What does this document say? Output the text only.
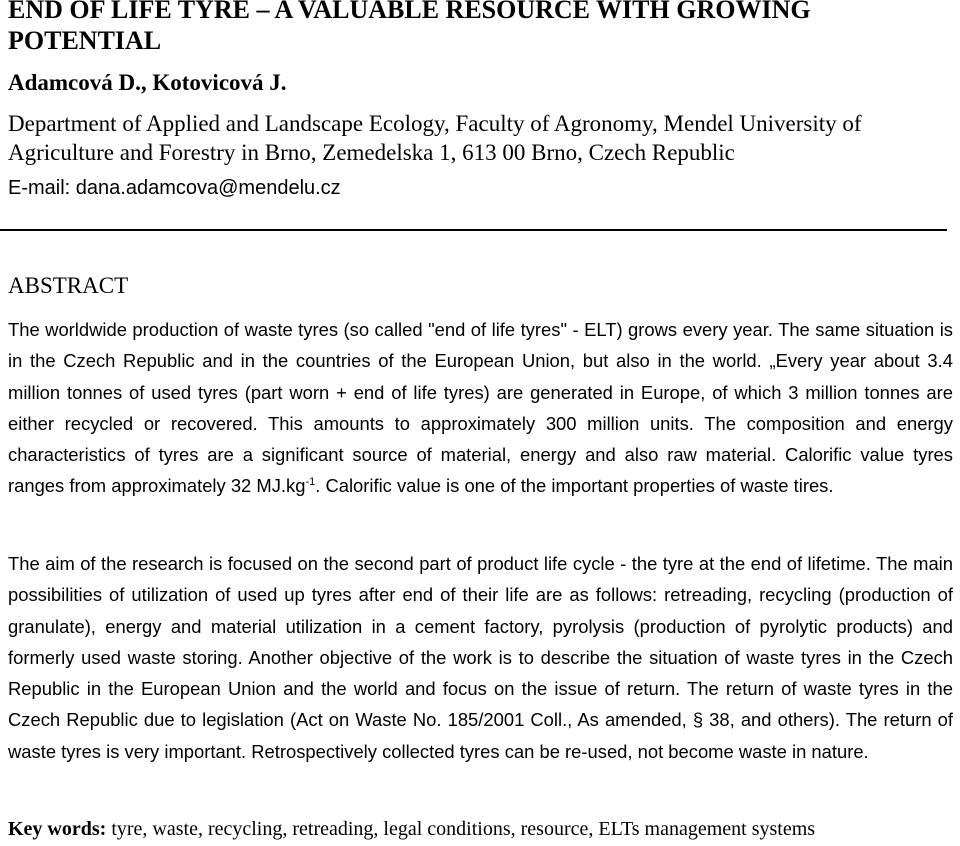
END OF LIFE TYRE – A VALUABLE RESOURCE WITH GROWING POTENTIAL

Adamcová D., Kotovicová J.

Department of Applied and Landscape Ecology, Faculty of Agronomy, Mendel University of Agriculture and Forestry in Brno, Zemedelska 1, 613 00 Brno, Czech Republic

E-mail: dana.adamcova@mendelu.cz

ABSTRACT

The worldwide production of waste tyres (so called "end of life tyres" - ELT) grows every year. The same situation is in the Czech Republic and in the countries of the European Union, but also in the world. „Every year about 3.4 million tonnes of used tyres (part worn + end of life tyres) are generated in Europe, of which 3 million tonnes are either recycled or recovered. This amounts to approximately 300 million units. The composition and energy characteristics of tyres are a significant source of material, energy and also raw material. Calorific value tyres ranges from approximately 32 $MJ.kg^{-1}$. Calorific value is one of the important properties of waste tires.

The aim of the research is focused on the second part of product life cycle - the tyre at the end of lifetime. The main possibilities of utilization of used up tyres after end of their life are as follows: retreading, recycling (production of granulate), energy and material utilization in a cement factory, pyrolysis (production of pyrolytic products) and formerly used waste storing. Another objective of the work is to describe the situation of waste tyres in the Czech Republic in the European Union and the world and focus on the issue of return. The return of waste tyres in the Czech Republic due to legislation (Act on Waste No. 185/2001 Coll., As amended, § 38, and others). The return of waste tyres is very important. Retrospectively collected tyres can be re-used, not become waste in nature.

Key words: tyre, waste, recycling, retreading, legal conditions, resource, ELTs management systems
